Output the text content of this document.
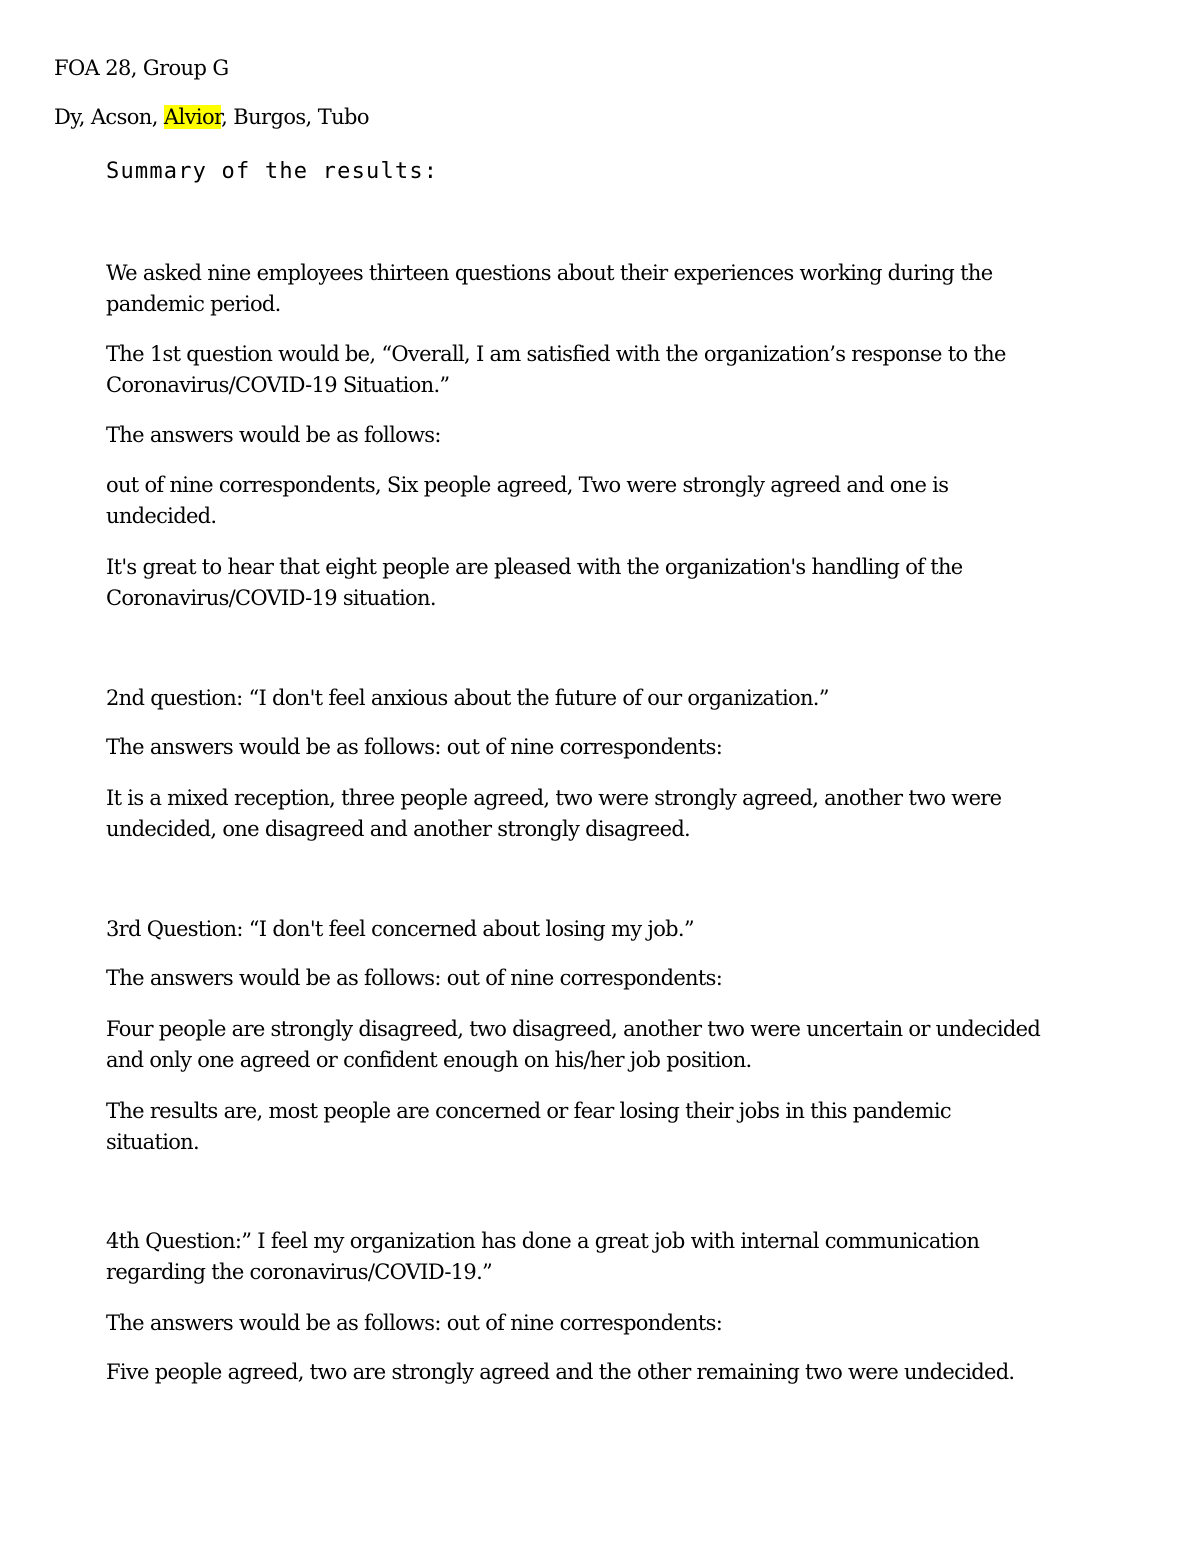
FOA 28, Group G
Dy, Acson, Alvior, Burgos, Tubo
Summary of the results:

We asked nine employees thirteen questions about their experiences working during the pandemic period.

The 1st question would be, “Overall, I am satisfied with the organization’s response to the Coronavirus/COVID-19 Situation.”

The answers would be as follows:

out of nine correspondents, Six people agreed, Two were strongly agreed and one is undecided.

It's great to hear that eight people are pleased with the organization's handling of the Coronavirus/COVID-19 situation.

2nd question: “I don't feel anxious about the future of our organization.”

The answers would be as follows: out of nine correspondents:

It is a mixed reception, three people agreed, two were strongly agreed, another two were undecided, one disagreed and another strongly disagreed.

3rd Question: “I don't feel concerned about losing my job.”

The answers would be as follows: out of nine correspondents:

Four people are strongly disagreed, two disagreed, another two were uncertain or undecided and only one agreed or confident enough on his/her job position.

The results are, most people are concerned or fear losing their jobs in this pandemic situation.

4th Question:” I feel my organization has done a great job with internal communication regarding the coronavirus/COVID-19.”

The answers would be as follows: out of nine correspondents:

Five people agreed, two are strongly agreed and the other remaining two were undecided.
